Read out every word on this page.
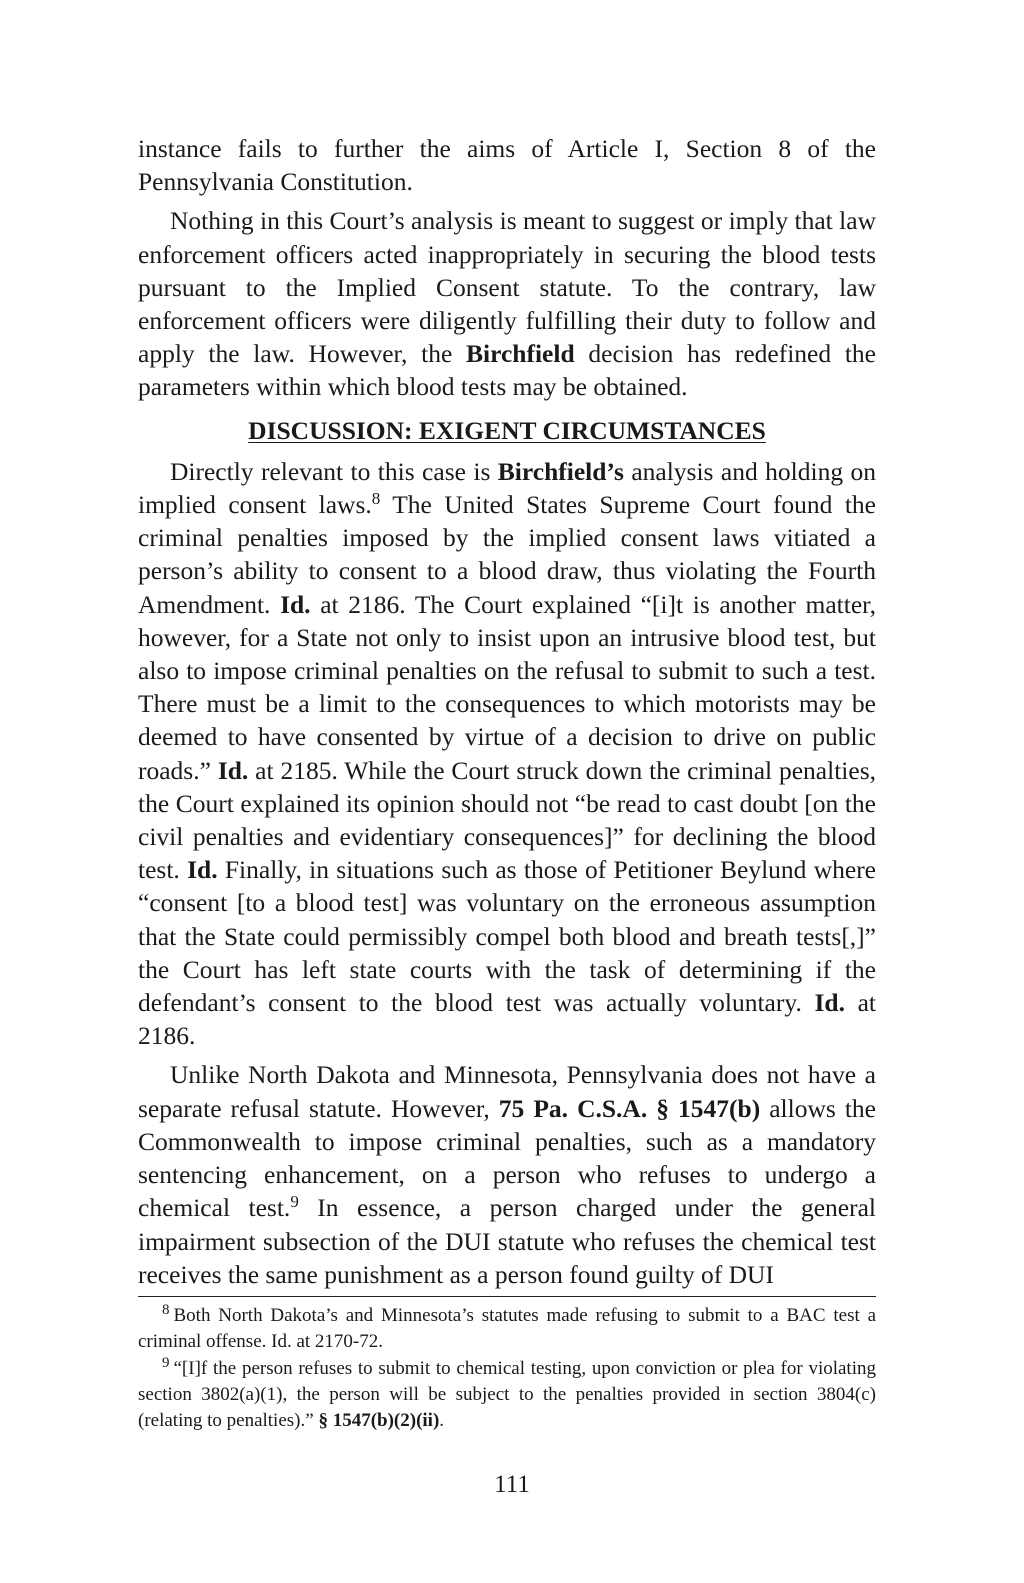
instance fails to further the aims of Article I, Section 8 of the Pennsylvania Constitution.

Nothing in this Court’s analysis is meant to suggest or imply that law enforcement officers acted inappropriately in securing the blood tests pursuant to the Implied Consent statute. To the contrary, law enforcement officers were diligently fulfilling their duty to follow and apply the law. However, the Birchfield decision has redefined the parameters within which blood tests may be obtained.

DISCUSSION: EXIGENT CIRCUMSTANCES

Directly relevant to this case is Birchfield’s analysis and holding on implied consent laws.$^8$ The United States Supreme Court found the criminal penalties imposed by the implied consent laws vitiated a person’s ability to consent to a blood draw, thus violating the Fourth Amendment. Id. at 2186. The Court explained “[i]t is another matter, however, for a State not only to insist upon an intrusive blood test, but also to impose criminal penalties on the refusal to submit to such a test. There must be a limit to the consequences to which motorists may be deemed to have consented by virtue of a decision to drive on public roads.” Id. at 2185. While the Court struck down the criminal penalties, the Court explained its opinion should not “be read to cast doubt [on the civil penalties and evidentiary consequences]” for declining the blood test. Id. Finally, in situations such as those of Petitioner Beylund where “consent [to a blood test] was voluntary on the erroneous assumption that the State could permissibly compel both blood and breath tests[,]” the Court has left state courts with the task of determining if the defendant’s consent to the blood test was actually voluntary. Id. at 2186.

Unlike North Dakota and Minnesota, Pennsylvania does not have a separate refusal statute. However, 75 Pa. C.S.A. § 1547(b) allows the Commonwealth to impose criminal penalties, such as a mandatory sentencing enhancement, on a person who refuses to undergo a chemical test.$^9$ In essence, a person charged under the general impairment subsection of the DUI statute who refuses the chemical test receives the same punishment as a person found guilty of DUI

$^8$ Both North Dakota’s and Minnesota’s statutes made refusing to submit to a BAC test a criminal offense. Id. at 2170-72.

$^9$ “[I]f the person refuses to submit to chemical testing, upon conviction or plea for violating section 3802(a)(1), the person will be subject to the penalties provided in section 3804(c) (relating to penalties).” § 1547(b)(2)(ii).

111
